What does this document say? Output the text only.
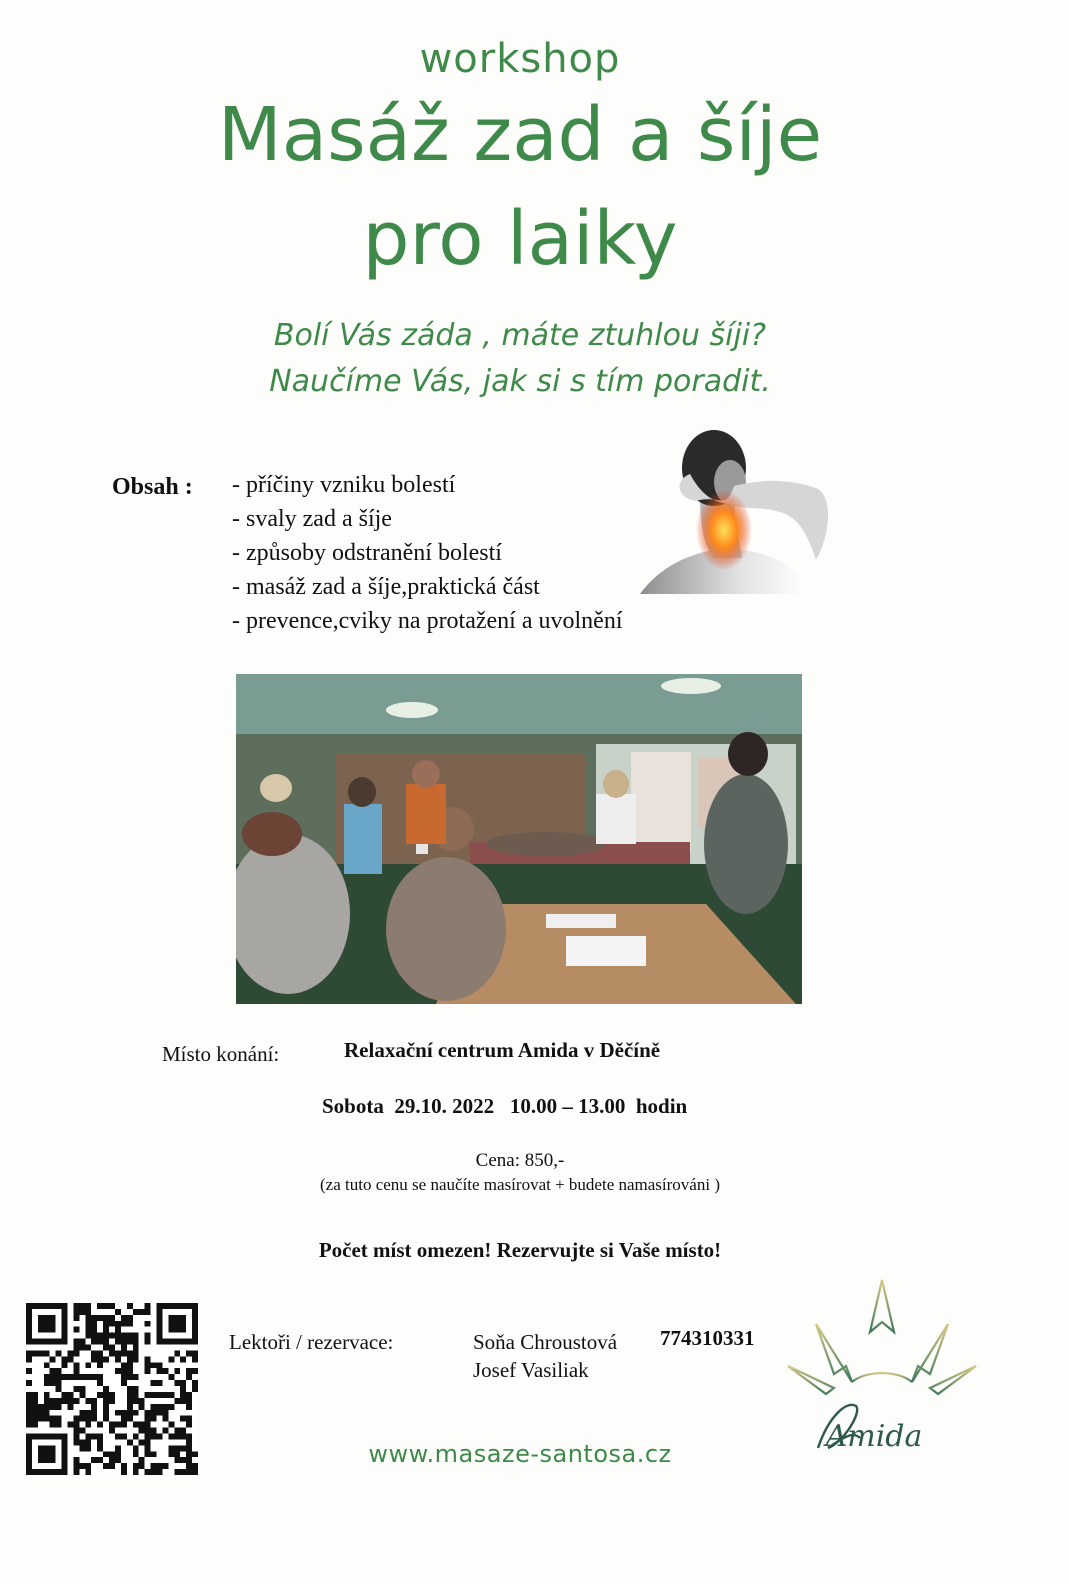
workshop
Masáž zad a šíje
pro laiky
Bolí Vás záda , máte ztuhlou šíji?
Naučíme Vás, jak si s tím poradit.
Obsah : - příčiny vzniku bolestí
- svaly zad a šíje
- způsoby odstranění bolestí
- masáž zad a šíje,praktická část
- prevence,cviky na protažení a uvolnění
Místo konání:	Relaxační centrum Amida v Děčíně
Sobota  29.10. 2022   10.00 – 13.00  hodin
Cena: 850,-
(za tuto cenu se naučíte masírovat + budete namasírováni )
Počet míst omezen! Rezervujte si Vaše místo!
Lektoři / rezervace:	Soňa Chroustová 774310331
Josef Vasiliak
Amida
www.masaze-santosa.cz
